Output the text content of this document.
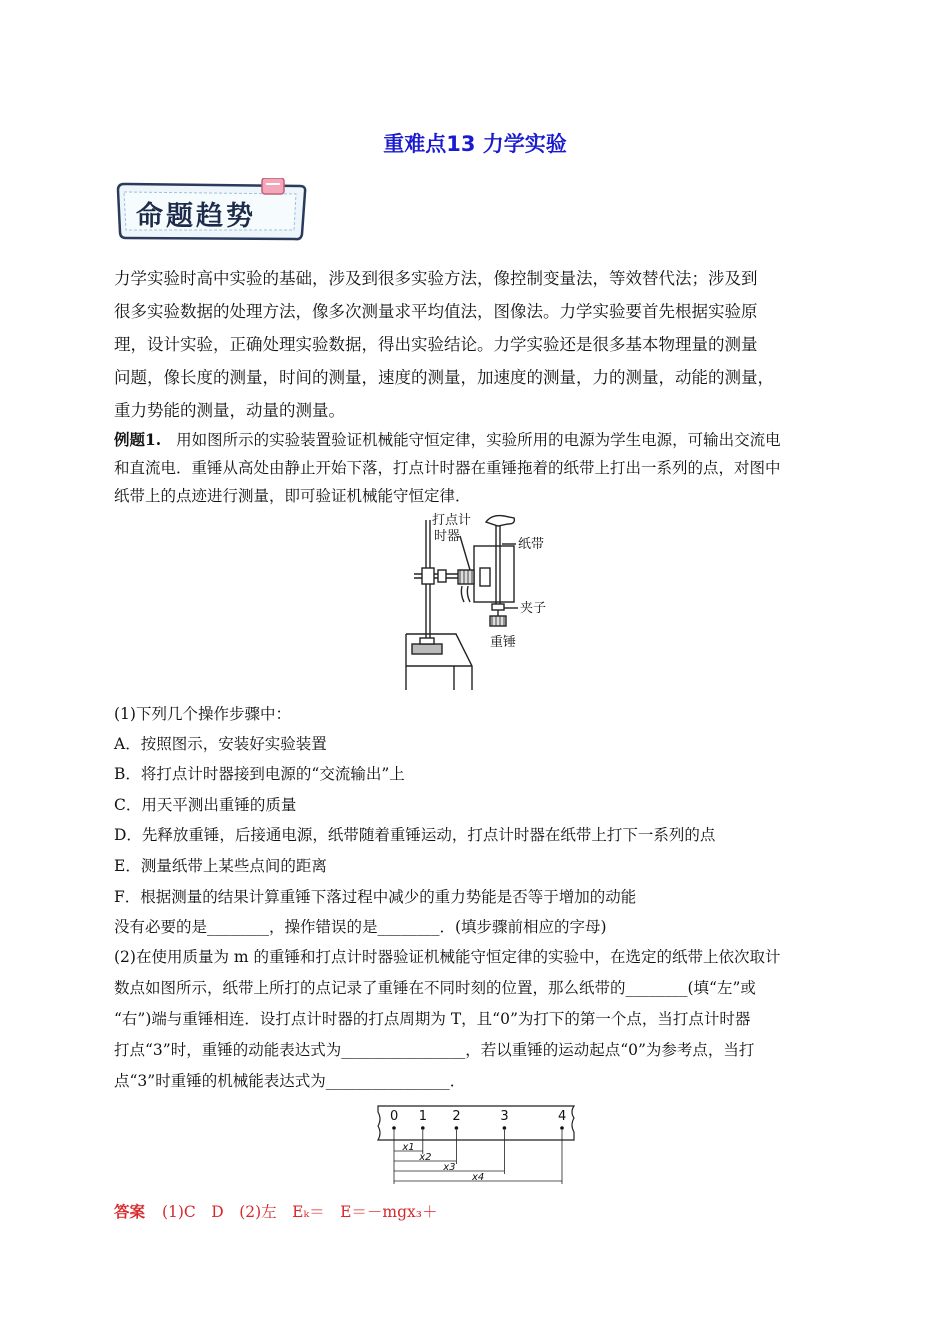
重难点13 力学实验
命题趋势

力学实验时高中实验的基础，涉及到很多实验方法，像控制变量法，等效替代法；涉及到

很多实验数据的处理方法，像多次测量求平均值法，图像法。力学实验要首先根据实验原

理，设计实验，正确处理实验数据，得出实验结论。力学实验还是很多基本物理量的测量

问题，像长度的测量，时间的测量，速度的测量，加速度的测量，力的测量，动能的测量，

重力势能的测量，动量的测量。

例题1. 用如图所示的实验装置验证机械能守恒定律，实验所用的电源为学生电源，可输出交流电
和直流电．重锤从高处由静止开始下落，打点计时器在重锤拖着的纸带上打出一系列的点，对图中
纸带上的点迹进行测量，即可验证机械能守恒定律．
打点计
时器
纸带
夹子
重锤
(1)下列几个操作步骤中：
A．按照图示，安装好实验装置
B．将打点计时器接到电源的“交流输出”上
C．用天平测出重锤的质量
D．先释放重锤，后接通电源，纸带随着重锤运动，打点计时器在纸带上打下一系列的点
E．测量纸带上某些点间的距离
F．根据测量的结果计算重锤下落过程中减少的重力势能是否等于增加的动能
没有必要的是________，操作错误的是________．(填步骤前相应的字母)
(2)在使用质量为 m 的重锤和打点计时器验证机械能守恒定律的实验中，在选定的纸带上依次取计
数点如图所示，纸带上所打的点记录了重锤在不同时刻的位置，那么纸带的________(填“左”或
“右”)端与重锤相连．设打点计时器的打点周期为 T，且“0”为打下的第一个点，当打点计时器
打点“3”时，重锤的动能表达式为________________，若以重锤的运动起点“0”为参考点，当打
点“3”时重锤的机械能表达式为________________．
0 1 2	3	4
x1
x2
x3
x4
答案 (1)C　D　(2)左　Eₖ＝　E＝－mgx₃＋
